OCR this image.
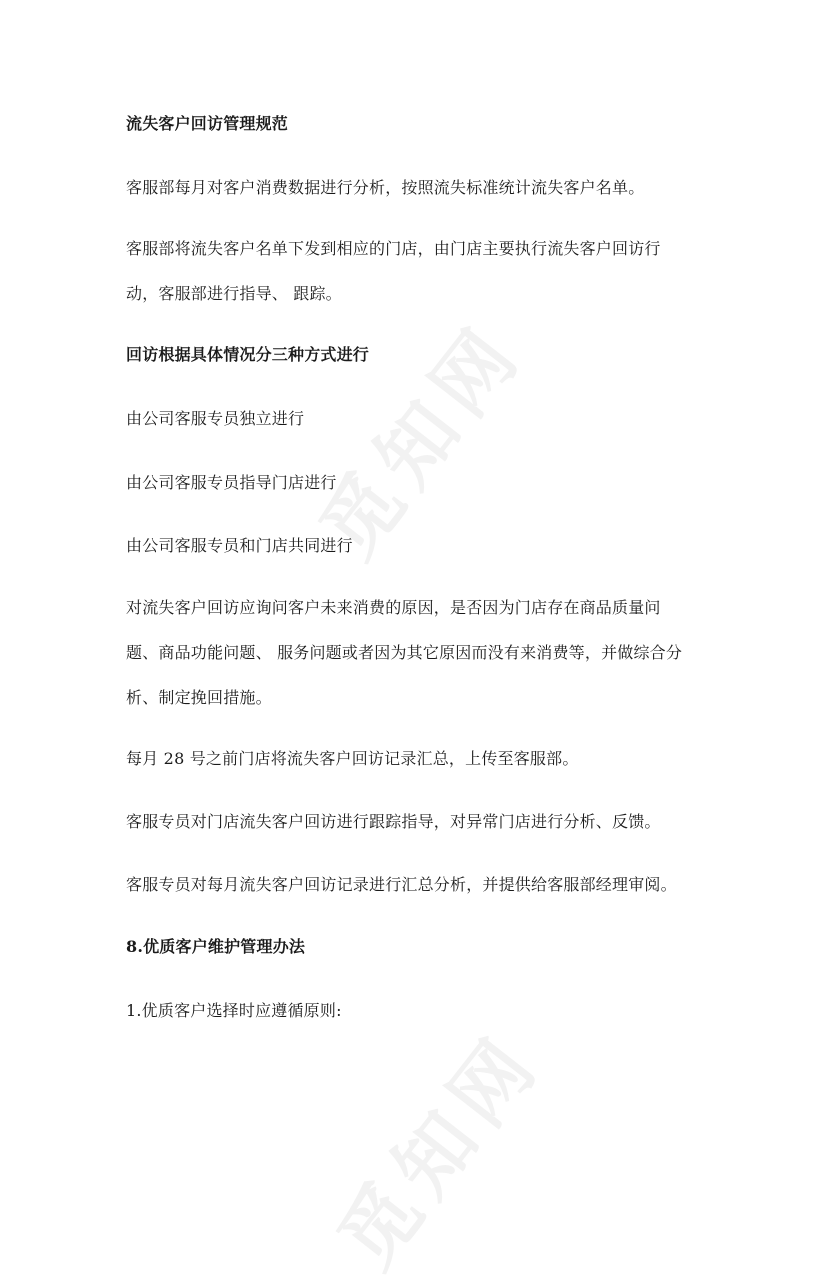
觅知网
觅知网
流失客户回访管理规范
客服部每月对客户消费数据进行分析，按照流失标准统计流失客户名单。
客服部将流失客户名单下发到相应的门店，由门店主要执行流失客户回访行
动，客服部进行指导、 跟踪。
回访根据具体情况分三种方式进行
由公司客服专员独立进行
由公司客服专员指导门店进行
由公司客服专员和门店共同进行
对流失客户回访应询问客户未来消费的原因，是否因为门店存在商品质量问
题、商品功能问题、 服务问题或者因为其它原因而没有来消费等，并做综合分
析、制定挽回措施。
每月 28 号之前门店将流失客户回访记录汇总，上传至客服部。
客服专员对门店流失客户回访进行跟踪指导，对异常门店进行分析、反馈。
客服专员对每月流失客户回访记录进行汇总分析，并提供给客服部经理审阅。
8.优质客户维护管理办法
1.优质客户选择时应遵循原则:
